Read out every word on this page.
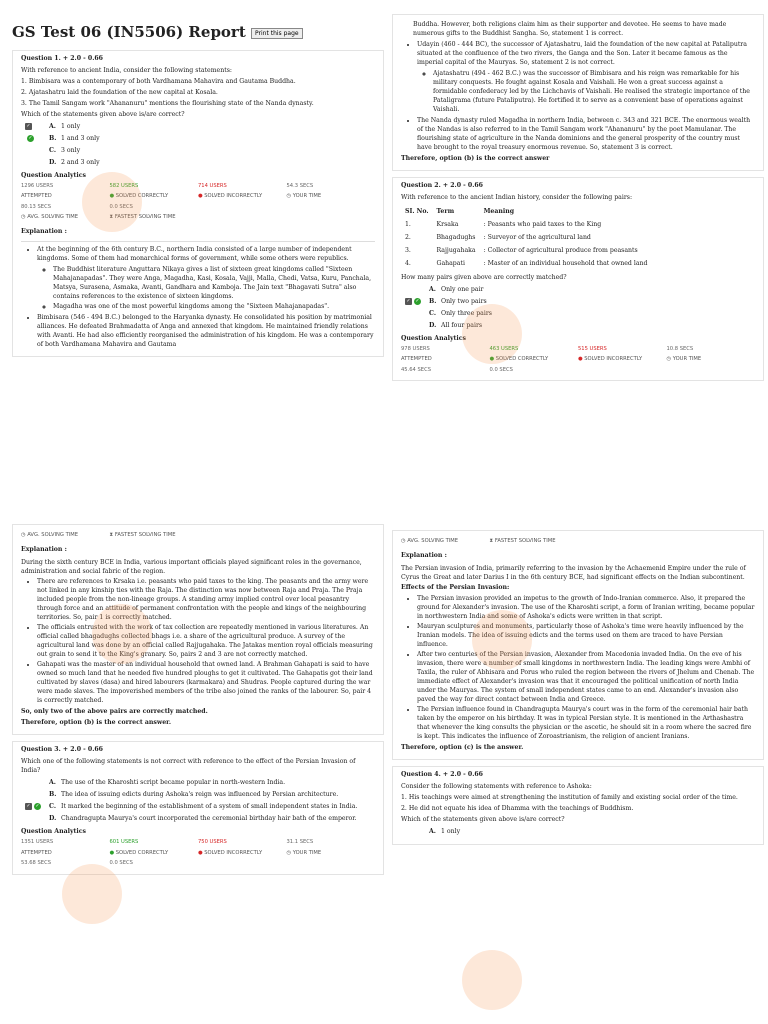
GS Test 06 (IN5506) Report Print this page
Question 1. + 2.0 - 0.66

With reference to ancient India, consider the following statements:

1. Bimbisara was a contemporary of both Vardhamana Mahavira and Gautama Buddha.

2. Ajatashatru laid the foundation of the new capital at Kosala.

3. The Tamil Sangam work "Ahananuru" mentions the flourishing state of the Nanda dynasty.

Which of the statements given above is/are correct?

✓	A. 1 only
✓	B. 1 and 3 only
C. 3 only
D. 2 and 3 only
Question Analytics
1296 USERS	582 USERS	714 USERS	54.3 SECS
ATTEMPTED	● SOLVED CORRECTLY	● SOLVED INCORRECTLY	◷ YOUR TIME
80.13 SECS	0.0 SECS
◷ AVG. SOLVING TIME	⧗ FASTEST SOLVING TIME
Explanation :
• At the beginning of the 6th century B.C., northern India consisted of a large number of independent kingdoms. Some of them had monarchical forms of government, while some others were republics.
◦ The Buddhist literature Anguttara Nikaya gives a list of sixteen great kingdoms called "Sixteen Mahajanapadas". They were Anga, Magadha, Kasi, Kosala, Vajji, Malla, Chedi, Vatsa, Kuru, Panchala, Matsya, Surasena, Asmaka, Avanti, Gandhara and Kamboja. The Jain text "Bhagavati Sutra" also contains references to the existence of sixteen kingdoms.
◦ Magadha was one of the most powerful kingdoms among the "Sixteen Mahajanapadas".
• Bimbisara (546 - 494 B.C.) belonged to the Haryanka dynasty. He consolidated his position by matrimonial alliances. He defeated Brahmadatta of Anga and annexed that kingdom. He maintained friendly relations with Avanti. He had also efficiently reorganised the administration of his kingdom. He was a contemporary of both Vardhamana Mahavira and Gautama

Buddha. However, both religions claim him as their supporter and devotee. He seems to have made numerous gifts to the Buddhist Sangha. So, statement 1 is correct.

• Udayin (460 - 444 BC), the successor of Ajatashatru, laid the foundation of the new capital at Pataliputra situated at the confluence of the two rivers, the Ganga and the Son. Later it became famous as the imperial capital of the Mauryas. So, statement 2 is not correct.
◦ Ajatashatru (494 - 462 B.C.) was the successor of Bimbisara and his reign was remarkable for his military conquests. He fought against Kosala and Vaishali. He won a great success against a formidable confederacy led by the Lichchavis of Vaishali. He realised the strategic importance of the Pataligrama (future Pataliputra). He fortified it to serve as a convenient base of operations against Vaishali.
• The Nanda dynasty ruled Magadha in northern India, between c. 343 and 321 BCE. The enormous wealth of the Nandas is also referred to in the Tamil Sangam work "Ahananuru" by the poet Mamulanar. The flourishing state of agriculture in the Nanda dominions and the general prosperity of the country must have brought to the royal treasury enormous revenue. So, statement 3 is correct.

Therefore, option (b) is the correct answer

Question 2. + 2.0 - 0.66

With reference to the ancient Indian history, consider the following pairs:

SI. No.	Term	Meaning
1.	Krsaka	: Peasants who paid taxes to the King
2.	Bhagadughs	: Surveyor of the agricultural land
3.	Rajjugahaka	: Collector of agricultural produce from peasants
4.	Gahapati	: Master of an individual household that owned land

How many pairs given above are correctly matched?

A. Only one pair
✓ ✓ B. Only two pairs
C. Only three pairs
D. All four pairs
Question Analytics
978 USERS	463 USERS	515 USERS	10.8 SECS
ATTEMPTED	● SOLVED CORRECTLY	● SOLVED INCORRECTLY	◷ YOUR TIME
45.64 SECS	0.0 SECS
◷ AVG. SOLVING TIME	⧗ FASTEST SOLVING TIME
Explanation :

During the sixth century BCE in India, various important officials played significant roles in the governance, administration and social fabric of the region.

• There are references to Krsaka i.e. peasants who paid taxes to the king. The peasants and the army were not linked in any kinship ties with the Raja. The distinction was now between Raja and Praja. The Praja included people from the non-lineage groups. A standing army implied control over local peasantry through force and an attitude of permanent confrontation with the people and kings of the neighbouring territories. So, pair 1 is correctly matched.
• The officials entrusted with the work of tax collection are repeatedly mentioned in various literatures. An official called bhagadughs collected bhags i.e. a share of the agricultural produce. A survey of the agricultural land was done by an official called Rajjugahaka. The Jatakas mention royal officials measuring out grain to send it to the King's granary. So, pairs 2 and 3 are not correctly matched.
• Gahapati was the master of an individual household that owned land. A Brahman Gahapati is said to have owned so much land that he needed five hundred ploughs to get it cultivated. The Gahapatis got their land cultivated by slaves (dasa) and hired labourers (karmakara) and Shudras. People captured during the war were made slaves. The impoverished members of the tribe also joined the ranks of the labourer. So, pair 4 is correctly matched.

So, only two of the above pairs are correctly matched.

Therefore, option (b) is the correct answer.

Question 3. + 2.0 - 0.66

Which one of the following statements is not correct with reference to the effect of the Persian Invasion of India?

A. The use of the Kharoshti script became popular in north-western India.
B. The idea of issuing edicts during Ashoka's reign was influenced by Persian architecture.
✓ ✓ C. It marked the beginning of the establishment of a system of small independent states in India.
D. Chandragupta Maurya's court incorporated the ceremonial birthday hair bath of the emperor.
Question Analytics
1351 USERS	601 USERS	750 USERS	31.1 SECS
ATTEMPTED	● SOLVED CORRECTLY	● SOLVED INCORRECTLY	◷ YOUR TIME
53.68 SECS	0.0 SECS
◷ AVG. SOLVING TIME	⧗ FASTEST SOLVING TIME
Explanation :

The Persian invasion of India, primarily referring to the invasion by the Achaemenid Empire under the rule of Cyrus the Great and later Darius I in the 6th century BCE, had significant effects on the Indian subcontinent.

Effects of the Persian Invasion:

• The Persian invasion provided an impetus to the growth of Indo-Iranian commerce. Also, it prepared the ground for Alexander's invasion. The use of the Kharoshti script, a form of Iranian writing, became popular in northwestern India and some of Ashoka's edicts were written in that script.
• Mauryan sculptures and monuments, particularly those of Ashoka's time were heavily influenced by the Iranian models. The idea of issuing edicts and the terms used on them are traced to have Persian influence.
• After two centuries of the Persian invasion, Alexander from Macedonia invaded India. On the eve of his invasion, there were a number of small kingdoms in northwestern India. The leading kings were Ambhi of Taxila, the ruler of Abhisara and Porus who ruled the region between the rivers of Jhelum and Chenab. The immediate effect of Alexander's invasion was that it encouraged the political unification of north India under the Mauryas. The system of small independent states came to an end. Alexander's invasion also paved the way for direct contact between India and Greece.
• The Persian influence found in Chandragupta Maurya's court was in the form of the ceremonial hair bath taken by the emperor on his birthday. It was in typical Persian style. It is mentioned in the Arthashastra that whenever the king consults the physician or the ascetic, he should sit in a room where the sacred fire is kept. This indicates the influence of Zoroastrianism, the religion of ancient Iranians.

Therefore, option (c) is the answer.

Question 4. + 2.0 - 0.66

Consider the following statements with reference to Ashoka:

1. His teachings were aimed at strengthening the institution of family and existing social order of the time.

2. He did not equate his idea of Dhamma with the teachings of Buddhism.

Which of the statements given above is/are correct?

A. 1 only
